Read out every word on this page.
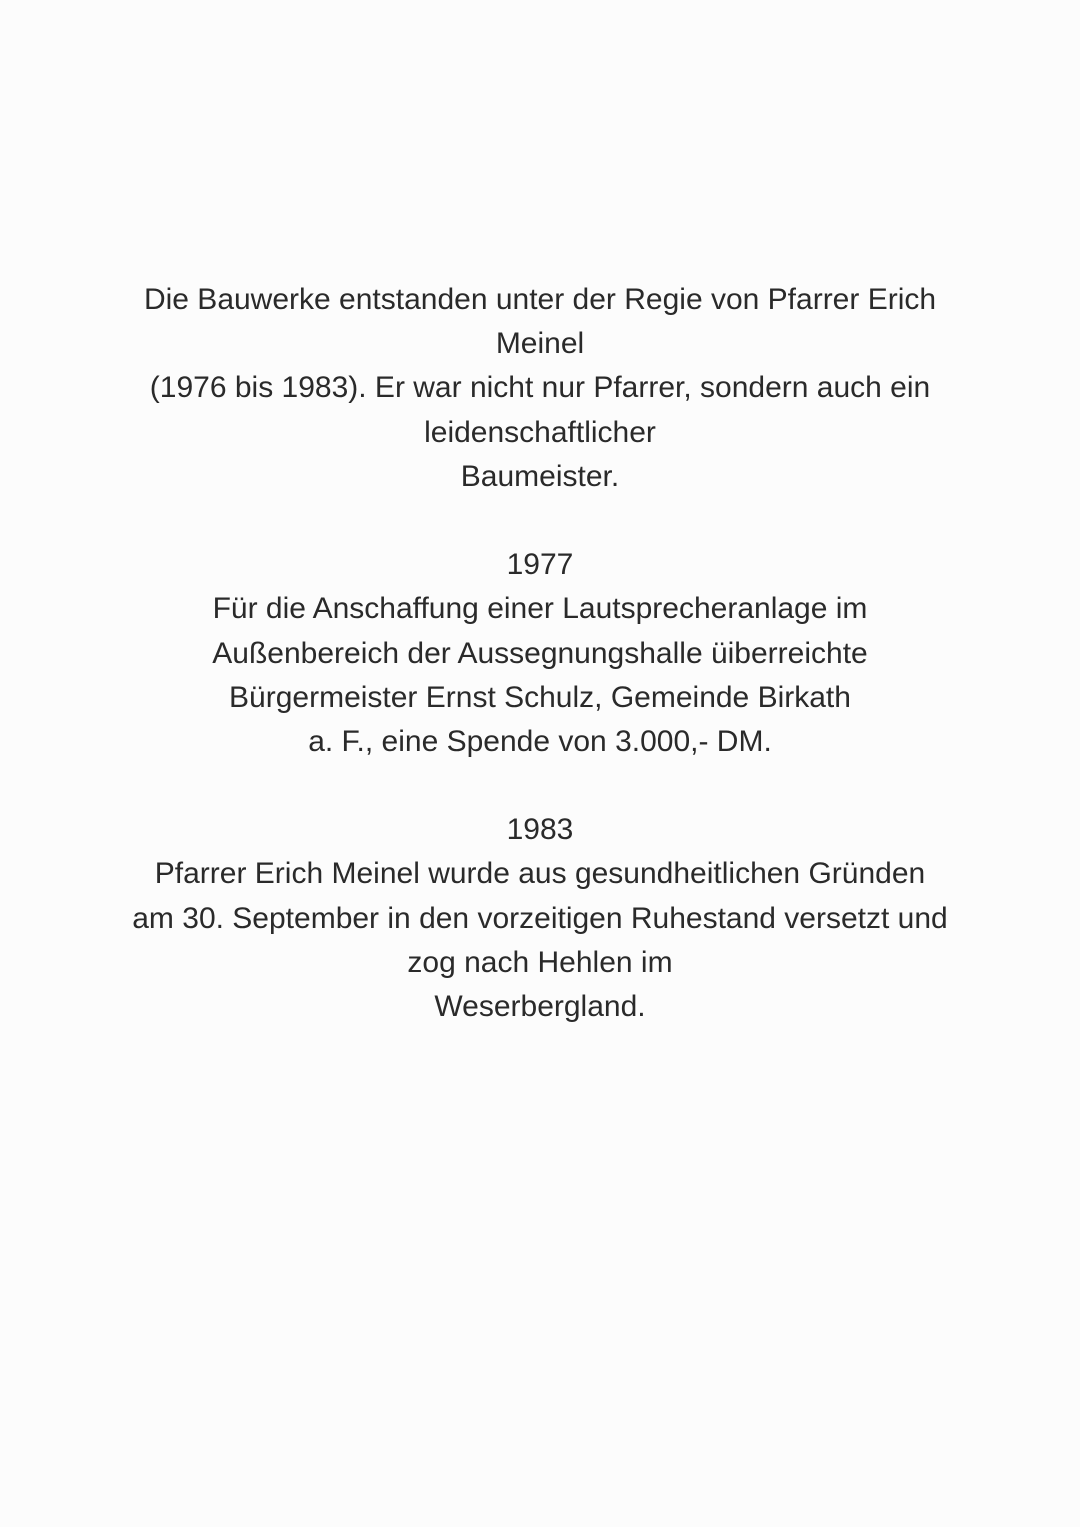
Die Bauwerke entstanden unter der Regie von Pfarrer Erich
Meinel
(1976 bis 1983). Er war nicht nur Pfarrer, sondern auch ein
leidenschaftlicher
Baumeister.
1977
Für die Anschaffung einer Lautsprecheranlage im
Außenbereich der Aussegnungshalle üiberreichte
Bürgermeister Ernst Schulz, Gemeinde Birkath
a. F., eine Spende von 3.000,- DM.
1983
Pfarrer Erich Meinel wurde aus gesundheitlichen Gründen
am 30. September in den vorzeitigen Ruhestand versetzt und
zog nach Hehlen im
Weserbergland.
